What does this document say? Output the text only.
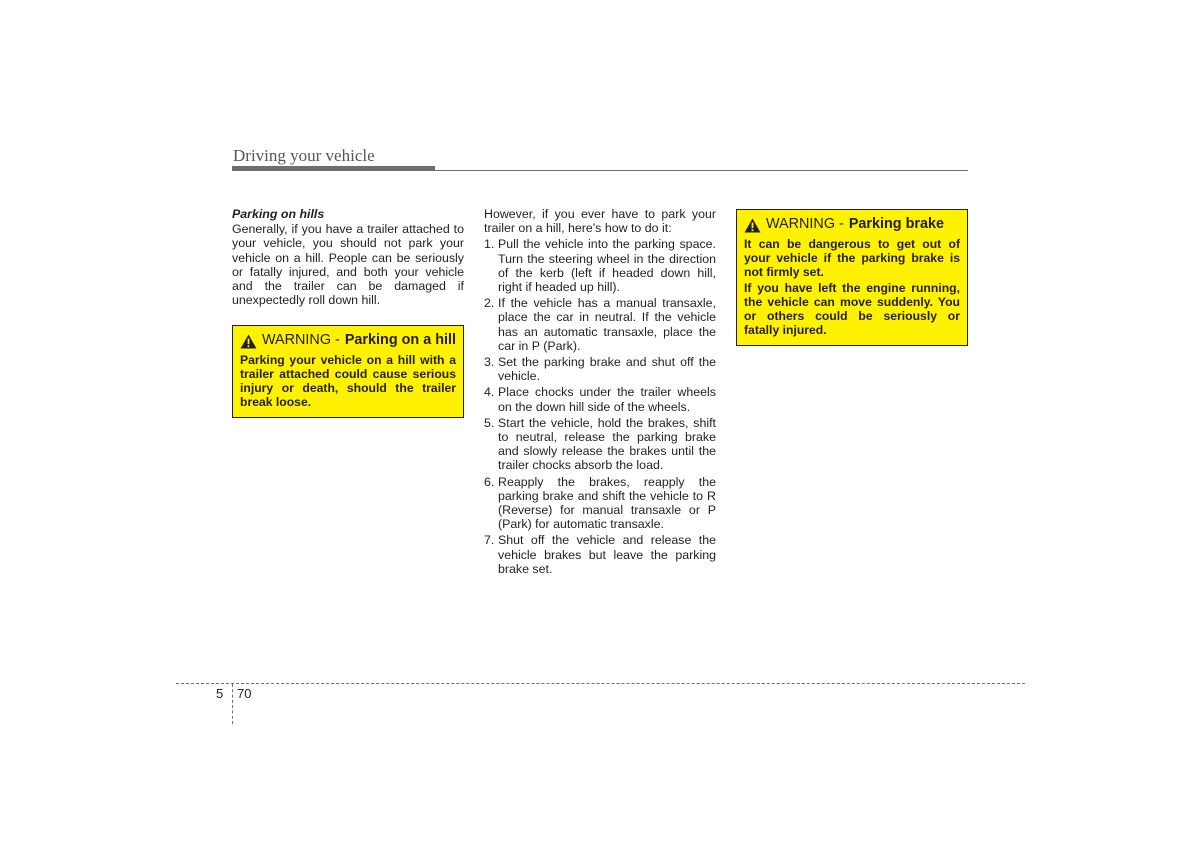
Driving your vehicle
Parking on hills

Generally, if you have a trailer attached to your vehicle, you should not park your vehicle on a hill. People can be seriously or fatally injured, and both your vehicle and the trailer can be damaged if unexpectedly roll down hill.

WARNING - Parking on a hill

Parking your vehicle on a hill with a trailer attached could cause serious injury or death, should the trailer break loose.

However, if you ever have to park your trailer on a hill, here's how to do it:

1. Pull the vehicle into the parking space. Turn the steering wheel in the direction of the kerb (left if headed down hill, right if headed up hill).
2. If the vehicle has a manual transaxle, place the car in neutral. If the vehicle has an automatic transaxle, place the car in P (Park).
3. Set the parking brake and shut off the vehicle.
4. Place chocks under the trailer wheels on the down hill side of the wheels.
5. Start the vehicle, hold the brakes, shift to neutral, release the parking brake and slowly release the brakes until the trailer chocks absorb the load.
6. Reapply the brakes, reapply the parking brake and shift the vehicle to R (Reverse) for manual transaxle or P (Park) for automatic transaxle.
7. Shut off the vehicle and release the vehicle brakes but leave the parking brake set.
WARNING - Parking brake

It can be dangerous to get out of your vehicle if the parking brake is not firmly set.

If you have left the engine running, the vehicle can move suddenly. You or others could be seriously or fatally injured.

5 70
